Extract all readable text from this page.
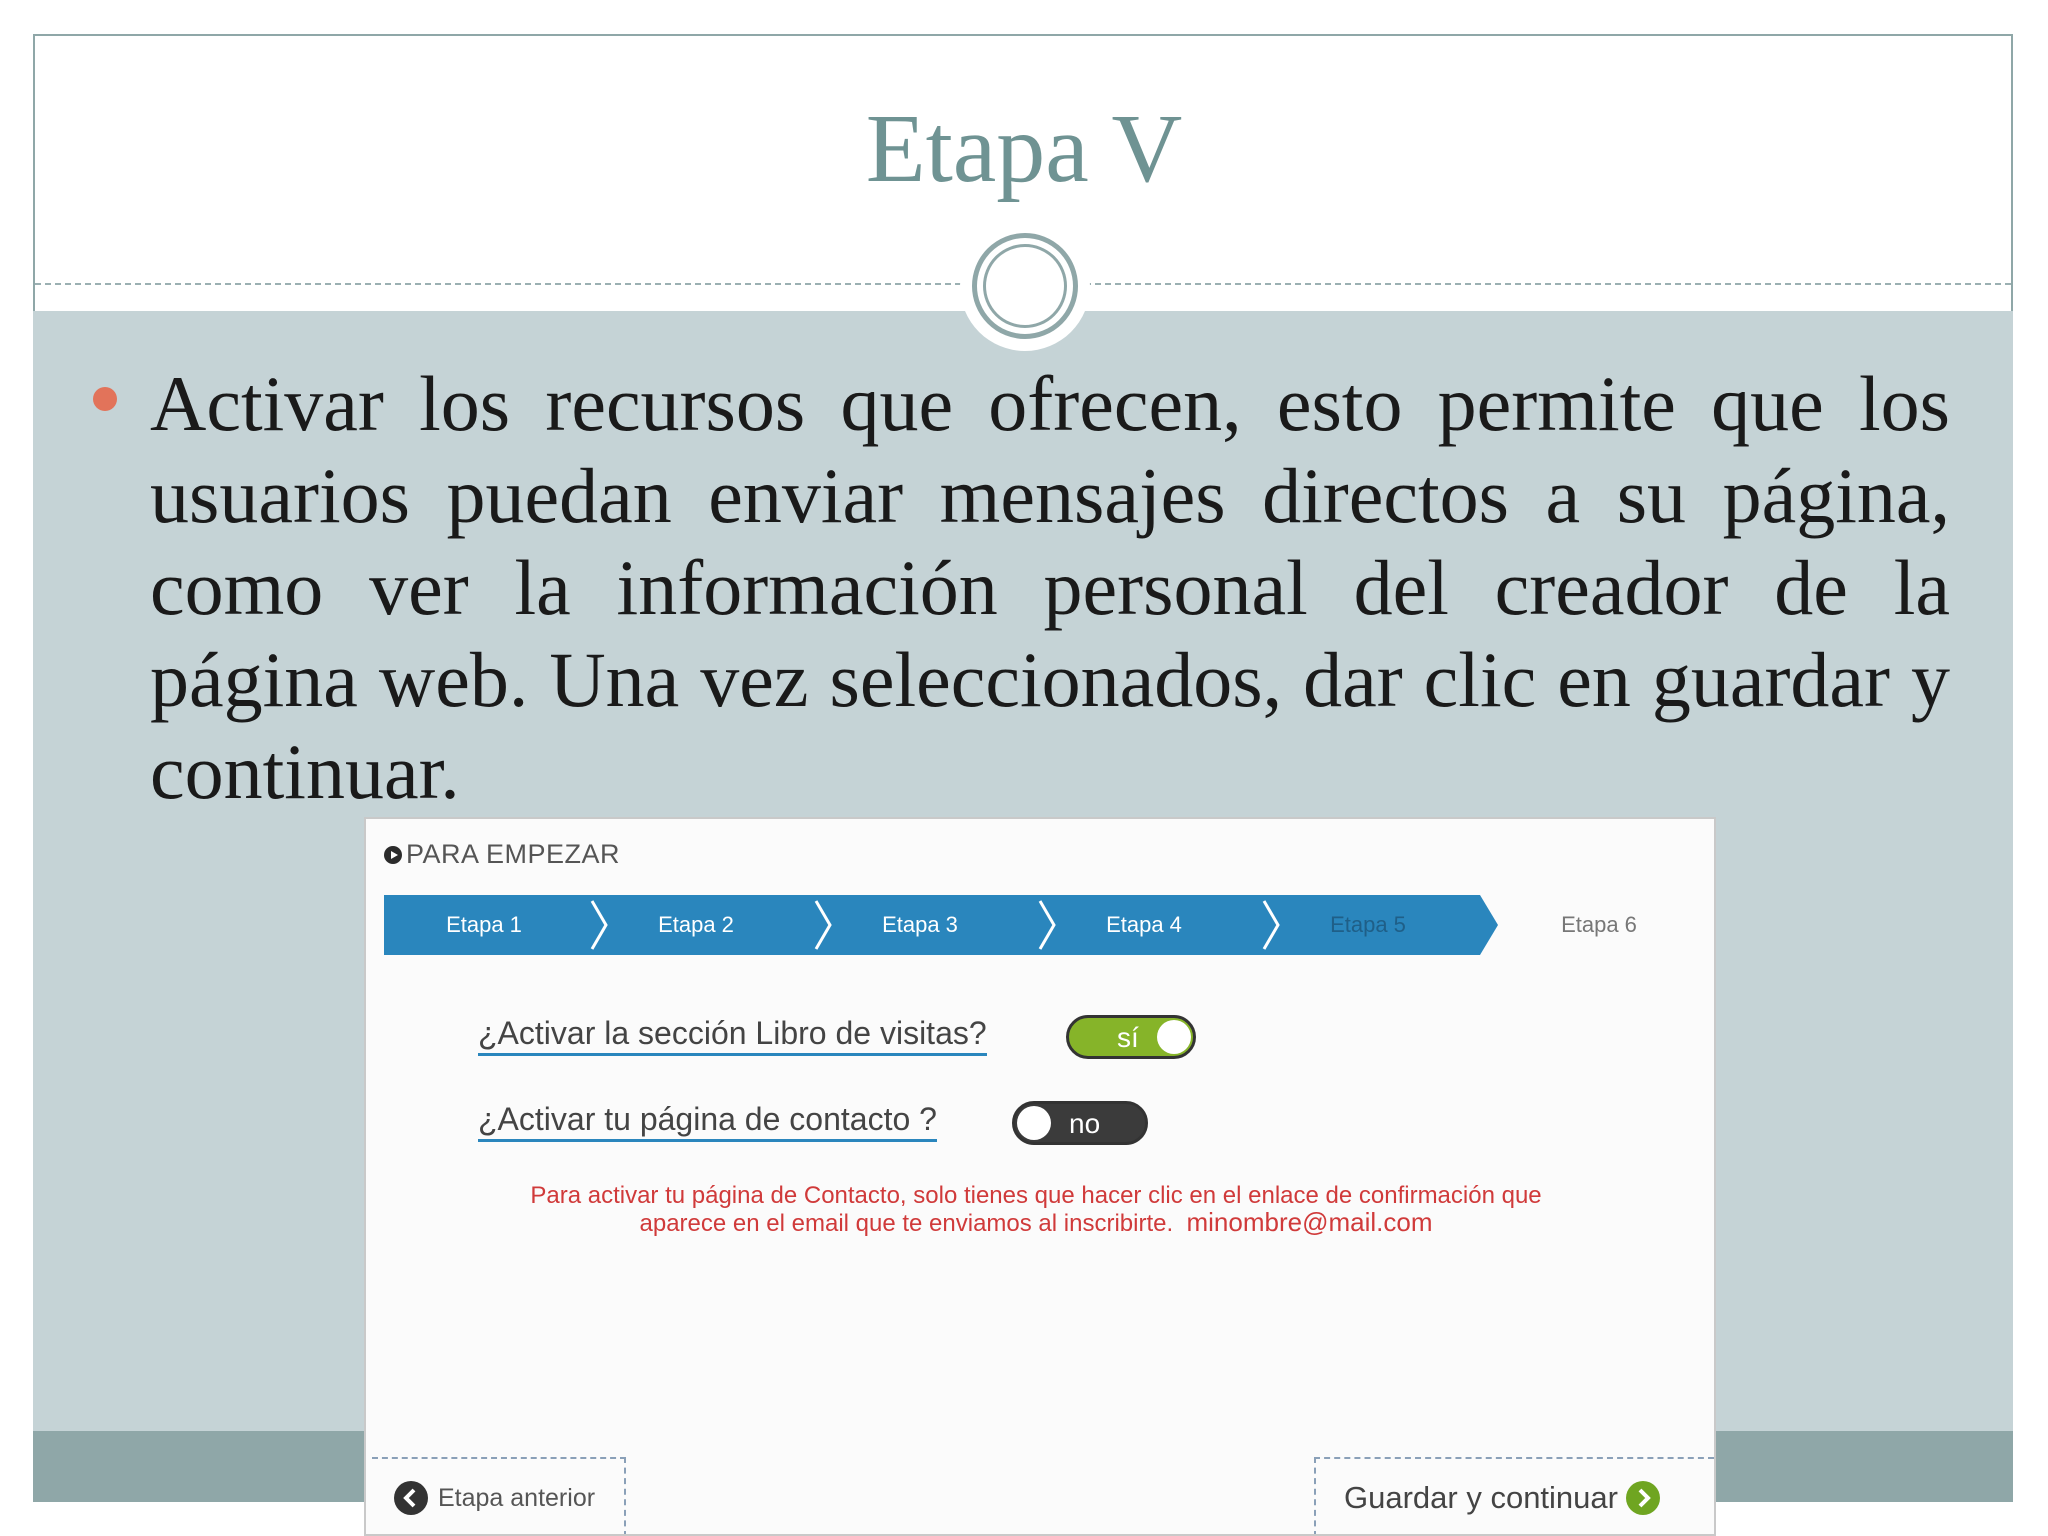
Etapa V

Activar los recursos que ofrecen, esto permite que los usuarios puedan enviar mensajes directos a su página, como ver la información personal del creador de la página web. Una vez seleccionados, dar clic en guardar y continuar.

PARA EMPEZAR
Etapa 1	Etapa 2	Etapa 3	Etapa 4	Etapa 5	Etapa 6
¿Activar la sección Libro de visitas?	sí
¿Activar tu página de contacto ?	no
Para activar tu página de Contacto, solo tienes que hacer clic en el enlace de confirmación que
aparece en el email que te enviamos al inscribirte. minombre@mail.com
Etapa anterior	Guardar y continuar
